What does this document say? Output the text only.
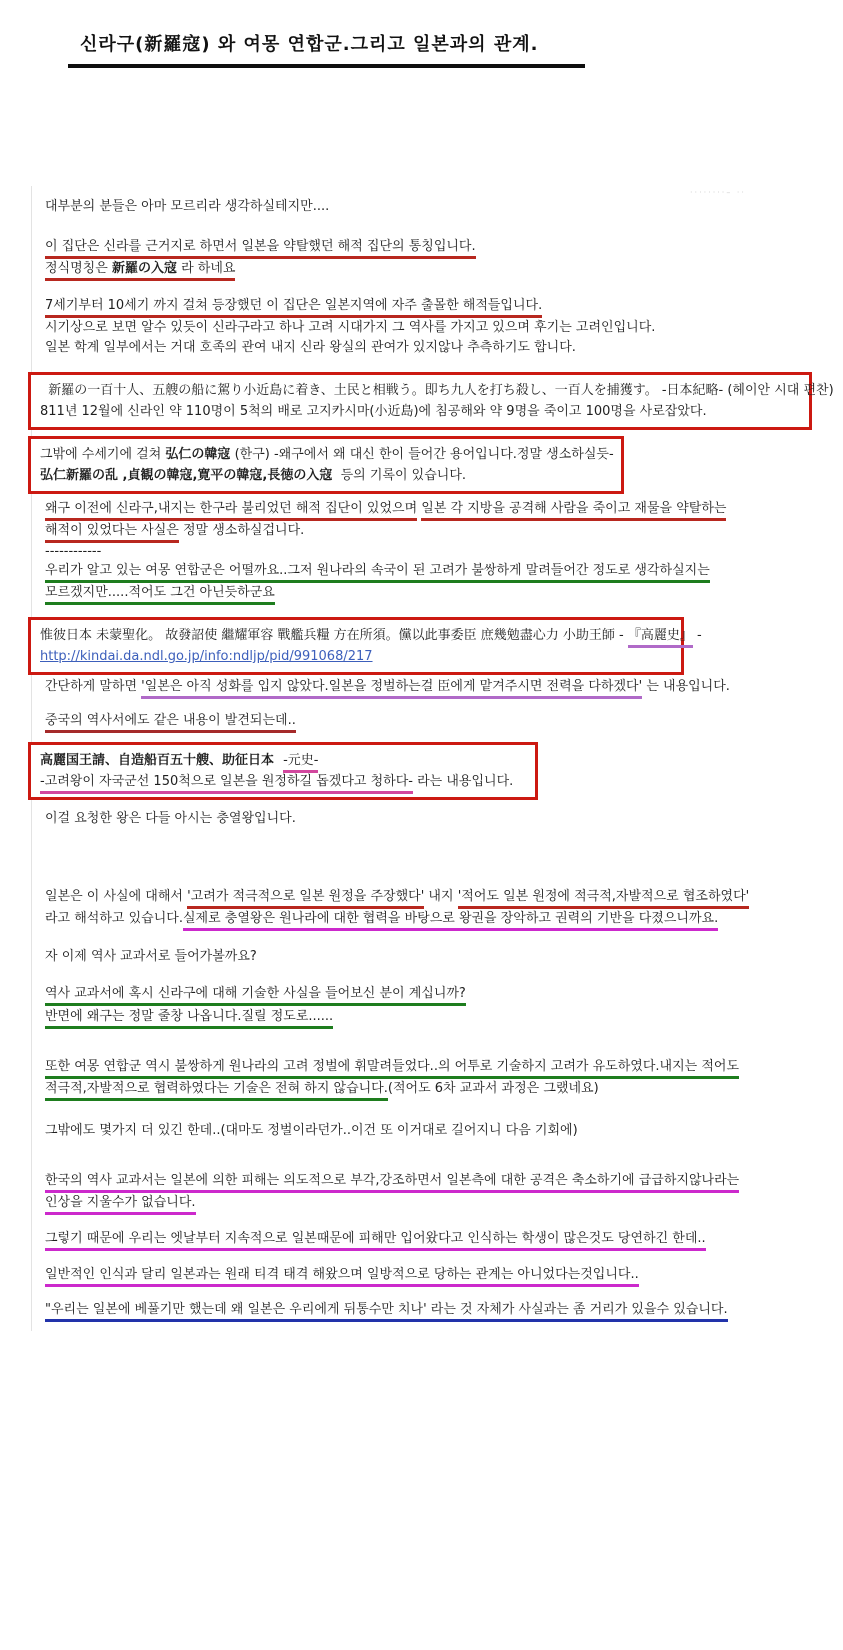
신라구(新羅寇) 와 여몽 연합군.그리고 일본과의 관계.
········– ··
대부분의 분들은 아마 모르리라 생각하실테지만....
이 집단은 신라를 근거지로 하면서 일본을 약탈했던 해적 집단의 통칭입니다.
정식명칭은 新羅の入寇 라 하네요
7세기부터 10세기 까지 걸쳐 등장했던 이 집단은 일본지역에 자주 출몰한 해적들입니다.
시기상으로 보면 알수 있듯이 신라구라고 하나 고려 시대가지 그 역사를 가지고 있으며 후기는 고려인입니다.
일본 학계 일부에서는 거대 호족의 관여 내지 신라 왕실의 관여가 있지않나 추측하기도 합니다.
新羅の一百十人、五艘の船に駕り小近島に着き、土民と相戦う。即ち九人を打ち殺し、一百人を捕獲す。 -日本紀略- (헤이안 시대 편찬)
811년 12월에 신라인 약 110명이 5척의 배로 고지카시마(小近島)에 침공해와 약 9명을 죽이고 100명을 사로잡았다.
그밖에 수세기에 걸쳐 弘仁の韓寇 (한구) -왜구에서 왜 대신 한이 들어간 용어입니다.정말 생소하실듯-
弘仁新羅の乱 ,貞観の韓寇,寛平の韓寇,長徳の入寇  등의 기록이 있습니다.
왜구 이전에 신라구,내지는 한구라 불리었던 해적 집단이 있었으며 일본 각 지방을 공격해 사람을 죽이고 재물을 약탈하는
해적이 있었다는 사실은 정말 생소하실겁니다.
------------
우리가 알고 있는 여몽 연합군은 어떨까요..그저 원나라의 속국이 된 고려가 불쌍하게 말려들어간 정도로 생각하실지는
모르겠지만.....적어도 그건 아닌듯하군요
惟彼日本 未蒙聖化。 故發詔使 繼耀軍容 戰艦兵糧 方在所須。儻以此事委臣 庶幾勉盡心力 小助王師 - 『高麗史』 -
http://kindai.da.ndl.go.jp/info:ndljp/pid/991068/217
간단하게 말하면 '일본은 아직 성화를 입지 않았다.일본을 정벌하는걸 臣에게 맡겨주시면 전력을 다하겠다' 는 내용입니다.
중국의 역사서에도 같은 내용이 발견되는데..
高麗国王請、自造船百五十艘、助征日本  -元史-
-고려왕이 자국군선 150척으로 일본을 원정하길 돕겠다고 청하다- 라는 내용입니다.
이걸 요청한 왕은 다들 아시는 충열왕입니다.
일본은 이 사실에 대해서 '고려가 적극적으로 일본 원정을 주장했다' 내지 '적어도 일본 원정에 적극적,자발적으로 협조하였다'
라고 해석하고 있습니다.실제로 충열왕은 원나라에 대한 협력을 바탕으로 왕권을 장악하고 권력의 기반을 다졌으니까요.
자 이제 역사 교과서로 들어가볼까요?
역사 교과서에 혹시 신라구에 대해 기술한 사실을 들어보신 분이 계십니까?
반면에 왜구는 정말 줄창 나옵니다.질릴 정도로......
또한 여몽 연합군 역시 불쌍하게 원나라의 고려 정벌에 휘말려들었다..의 어투로 기술하지 고려가 유도하였다.내지는 적어도
적극적,자발적으로 협력하였다는 기술은 전혀 하지 않습니다.(적어도 6차 교과서 과정은 그랬네요)
그밖에도 몇가지 더 있긴 한데..(대마도 정벌이라던가..이건 또 이거대로 길어지니 다음 기회에)
한국의 역사 교과서는 일본에 의한 피해는 의도적으로 부각,강조하면서 일본측에 대한 공격은 축소하기에 급급하지않나라는
인상을 지울수가 없습니다.
그렇기 때문에 우리는 엣날부터 지속적으로 일본때문에 피해만 입어왔다고 인식하는 학생이 많은것도 당연하긴 한데..
일반적인 인식과 달리 일본과는 원래 티격 태격 해왔으며 일방적으로 당하는 관계는 아니었다는것입니다..
"우리는 일본에 베풀기만 했는데 왜 일본은 우리에게 뒤통수만 치나' 라는 것 자체가 사실과는 좀 거리가 있을수 있습니다.
